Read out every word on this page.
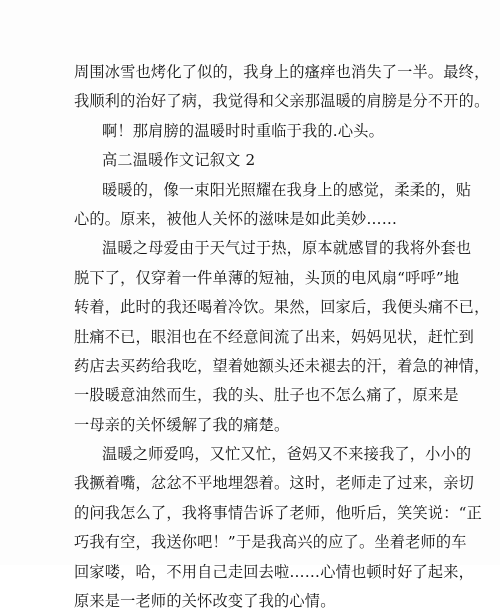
周围冰雪也烤化了似的，我身上的瘙痒也消失了一半。最终，
我顺利的治好了病，我觉得和父亲那温暖的肩膀是分不开的。
啊！那肩膀的温暖时时重临于我的.心头。
高二温暖作文记叙文 2
暖暖的，像一束阳光照耀在我身上的感觉，柔柔的，贴
心的。原来，被他人关怀的滋味是如此美妙……
温暖之母爱由于天气过于热，原本就感冒的我将外套也
脱下了，仅穿着一件单薄的短袖，头顶的电风扇“呼呼”地
转着，此时的我还喝着冷饮。果然，回家后，我便头痛不已，
肚痛不已，眼泪也在不经意间流了出来，妈妈见状，赶忙到
药店去买药给我吃，望着她额头还未褪去的汗，着急的神情，
一股暖意油然而生，我的头、肚子也不怎么痛了，原来是
一母亲的关怀缓解了我的痛楚。
温暖之师爱呜，又忙又忙，爸妈又不来接我了，小小的
我撅着嘴，忿忿不平地埋怨着。这时，老师走了过来，亲切
的问我怎么了，我将事情告诉了老师，他听后，笑笑说：“正
巧我有空，我送你吧！”于是我高兴的应了。坐着老师的车
回家喽，哈，不用自己走回去啦……心情也顿时好了起来，
原来是一老师的关怀改变了我的心情。
